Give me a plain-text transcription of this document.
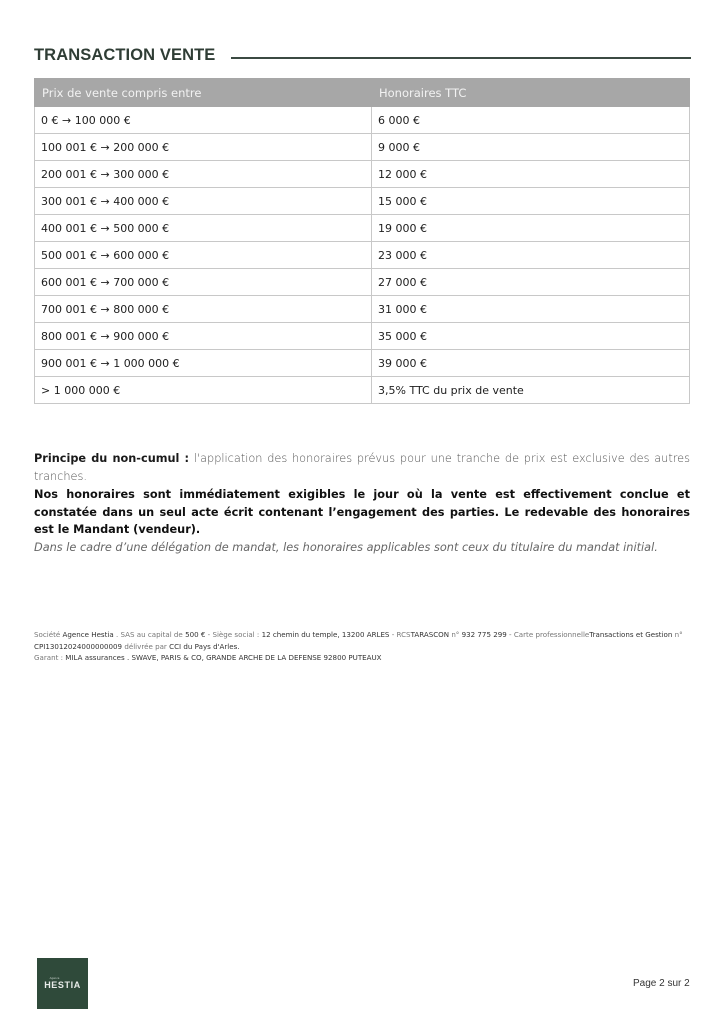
TRANSACTION VENTE
Prix de vente compris entre	Honoraires TTC
0 € → 100 000 €	6 000 €
100 001 € → 200 000 €	9 000 €
200 001 € → 300 000 €	12 000 €
300 001 € → 400 000 €	15 000 €
400 001 € → 500 000 €	19 000 €
500 001 € → 600 000 €	23 000 €
600 001 € → 700 000 €	27 000 €
700 001 € → 800 000 €	31 000 €
800 001 € → 900 000 €	35 000 €
900 001 € → 1 000 000 €	39 000 €
> 1 000 000 €	3,5% TTC du prix de vente
Principe du non-cumul : l'application des honoraires prévus pour une tranche de prix est exclusive des autres tranches.
Nos honoraires sont immédiatement exigibles le jour où la vente est effectivement conclue et constatée dans un seul acte écrit contenant l’engagement des parties. Le redevable des honoraires est le Mandant (vendeur).
Dans le cadre d’une délégation de mandat, les honoraires applicables sont ceux du titulaire du mandat initial.
Société Agence Hestia . SAS au capital de 500 € - Siège social : 12 chemin du temple, 13200 ARLES - RCSTARASCON n° 932 775 299 - Carte professionnelleTransactions et Gestion n° CPI13012024000000009 délivrée par CCI du Pays d'Arles.
Garant : MILA assurances . SWAVE, PARIS & CO, GRANDE ARCHE DE LA DEFENSE 92800 PUTEAUX
Agence
HESTIA	Page 2 sur 2
